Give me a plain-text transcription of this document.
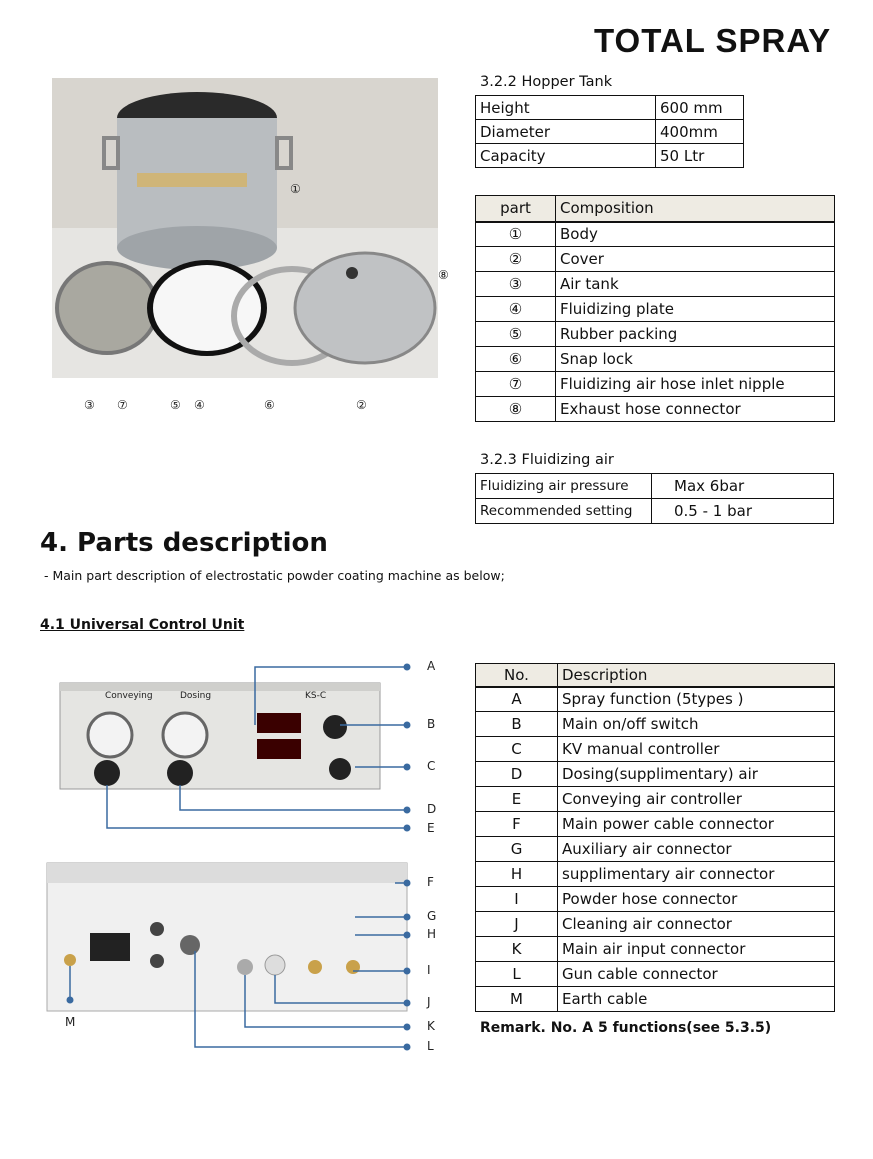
TOTAL SPRAY
①
⑧
③ ⑦	⑤ ④	⑥	②
3.2.2 Hopper Tank
Height	600 mm
Diameter	400mm
Capacity	50 Ltr
part	Composition
①	Body
②	Cover
③	Air tank
④	Fluidizing plate
⑤	Rubber packing
⑥	Snap lock
⑦	Fluidizing air hose inlet nipple
⑧	Exhaust hose connector
3.2.3 Fluidizing air
Fluidizing air pressure	Max 6bar
Recommended setting	0.5 - 1 bar
4. Parts description
- Main part description of electrostatic powder coating machine as below;
4.1 Universal Control Unit
Conveying	Dosing	KS-C
A
B
C
D
E
F
G
H
I
J
K
L
M
No.	Description
A	Spray function (5types )
B	Main on/off switch
C	KV manual controller
D	Dosing(supplimentary) air
E	Conveying air controller
F	Main power cable connector
G	Auxiliary air connector
H	supplimentary air connector
I	Powder hose connector
J	Cleaning air connector
K	Main air input connector
L	Gun cable connector
M	Earth cable
Remark. No. A 5 functions(see 5.3.5)
